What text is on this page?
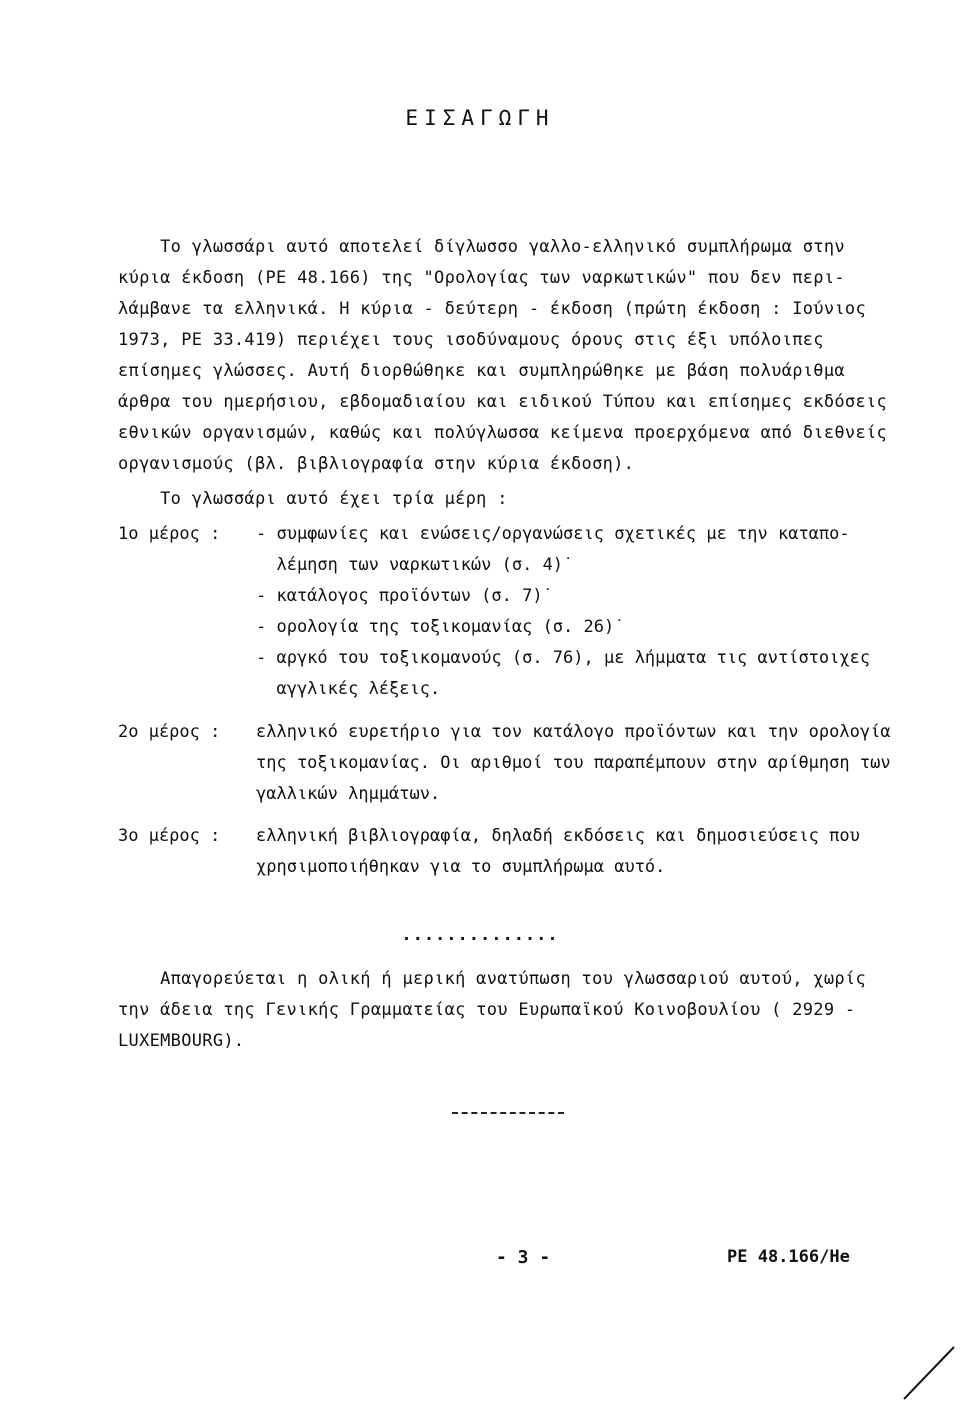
ΕΙΣΑΓΩΓΗ
Το γλωσσάρι αυτό αποτελεί δίγλωσσο γαλλο-ελληνικό συμπλήρωμα στην
κύρια έκδοση (PE 48.166) της "Ορολογίας των ναρκωτικών" που δεν περι-
λάμβανε τα ελληνικά. Η κύρια - δεύτερη - έκδοση (πρώτη έκδοση : Ιούνιος
1973, PE 33.419) περιέχει τους ισοδύναμους όρους στις έξι υπόλοιπες
επίσημες γλώσσες. Αυτή διορθώθηκε και συμπληρώθηκε με βάση πολυάριθμα
άρθρα του ημερήσιου, εβδομαδιαίου και ειδικού Τύπου και επίσημες εκδόσεις
εθνικών οργανισμών, καθώς και πολύγλωσσα κείμενα προερχόμενα από διεθνείς
οργανισμούς (βλ. βιβλιογραφία στην κύρια έκδοση).
Το γλωσσάρι αυτό έχει τρία μέρη :
1ο μέρος : - συμφωνίες και ενώσεις/οργανώσεις σχετικές με την καταπο-
λέμηση των ναρκωτικών (σ. 4)˙
- κατάλογος προϊόντων (σ. 7)˙
- ορολογία της τοξικομανίας (σ. 26)˙
- αργκό του τοξικομανούς (σ. 76), με λήμματα τις αντίστοιχες
αγγλικές λέξεις.
2ο μέρος : ελληνικό ευρετήριο για τον κατάλογο προϊόντων και την ορολογία
της τοξικομανίας. Οι αριθμοί του παραπέμπουν στην αρίθμηση των
γαλλικών λημμάτων.
3ο μέρος : ελληνική βιβλιογραφία, δηλαδή εκδόσεις και δημοσιεύσεις που
χρησιμοποιήθηκαν για το συμπλήρωμα αυτό.
..............
Απαγορεύεται η ολική ή μερική ανατύπωση του γλωσσαριού αυτού, χωρίς
την άδεια της Γενικής Γραμματείας του Ευρωπαϊκού Κοινοβουλίου ( 2929 -
LUXEMBOURG).
- 3 -	PE 48.166/He
